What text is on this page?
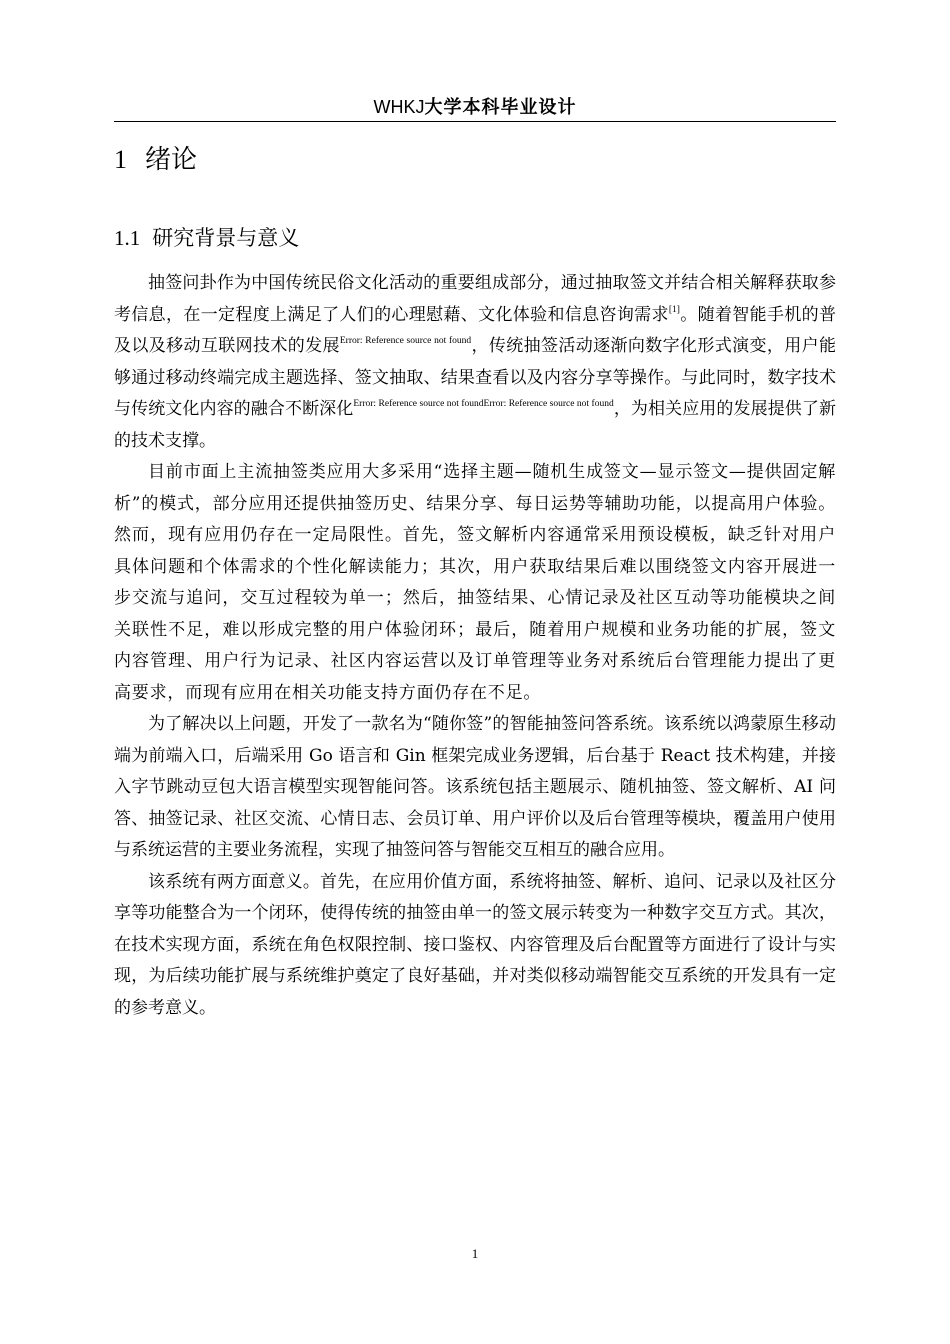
WHKJ大学本科毕业设计
1 绪论
1.1 研究背景与意义

抽签问卦作为中国传统民俗文化活动的重要组成部分，通过抽取签文并结合相关解释获取参考信息，在一定程度上满足了人们的心理慰藉、文化体验和信息咨询需求[1]。随着智能手机的普及以及移动互联网技术的发展$^{Error: Reference source not found}$，传统抽签活动逐渐向数字化形式演变，用户能够通过移动终端完成主题选择、签文抽取、结果查看以及内容分享等操作。与此同时，数字技术与传统文化内容的融合不断深化$^{Error: Reference source not foundError: Reference source not found}$，为相关应用的发展提供了新的技术支撑。

目前市面上主流抽签类应用大多采用“选择主题—随机生成签文—显示签文—提供固定解析”的模式，部分应用还提供抽签历史、结果分享、每日运势等辅助功能，以提高用户体验。然而，现有应用仍存在一定局限性。首先，签文解析内容通常采用预设模板，缺乏针对用户具体问题和个体需求的个性化解读能力；其次，用户获取结果后难以围绕签文内容开展进一步交流与追问，交互过程较为单一；然后，抽签结果、心情记录及社区互动等功能模块之间关联性不足，难以形成完整的用户体验闭环；最后，随着用户规模和业务功能的扩展，签文内容管理、用户行为记录、社区内容运营以及订单管理等业务对系统后台管理能力提出了更高要求，而现有应用在相关功能支持方面仍存在不足。

为了解决以上问题，开发了一款名为“随你签”的智能抽签问答系统。该系统以鸿蒙原生移动端为前端入口，后端采用 Go 语言和 Gin 框架完成业务逻辑，后台基于 React 技术构建，并接入字节跳动豆包大语言模型实现智能问答。该系统包括主题展示、随机抽签、签文解析、AI 问答、抽签记录、社区交流、心情日志、会员订单、用户评价以及后台管理等模块，覆盖用户使用与系统运营的主要业务流程，实现了抽签问答与智能交互相互的融合应用。

该系统有两方面意义。首先，在应用价值方面，系统将抽签、解析、追问、记录以及社区分享等功能整合为一个闭环，使得传统的抽签由单一的签文展示转变为一种数字交互方式。其次，在技术实现方面，系统在角色权限控制、接口鉴权、内容管理及后台配置等方面进行了设计与实现，为后续功能扩展与系统维护奠定了良好基础，并对类似移动端智能交互系统的开发具有一定的参考意义。

1
